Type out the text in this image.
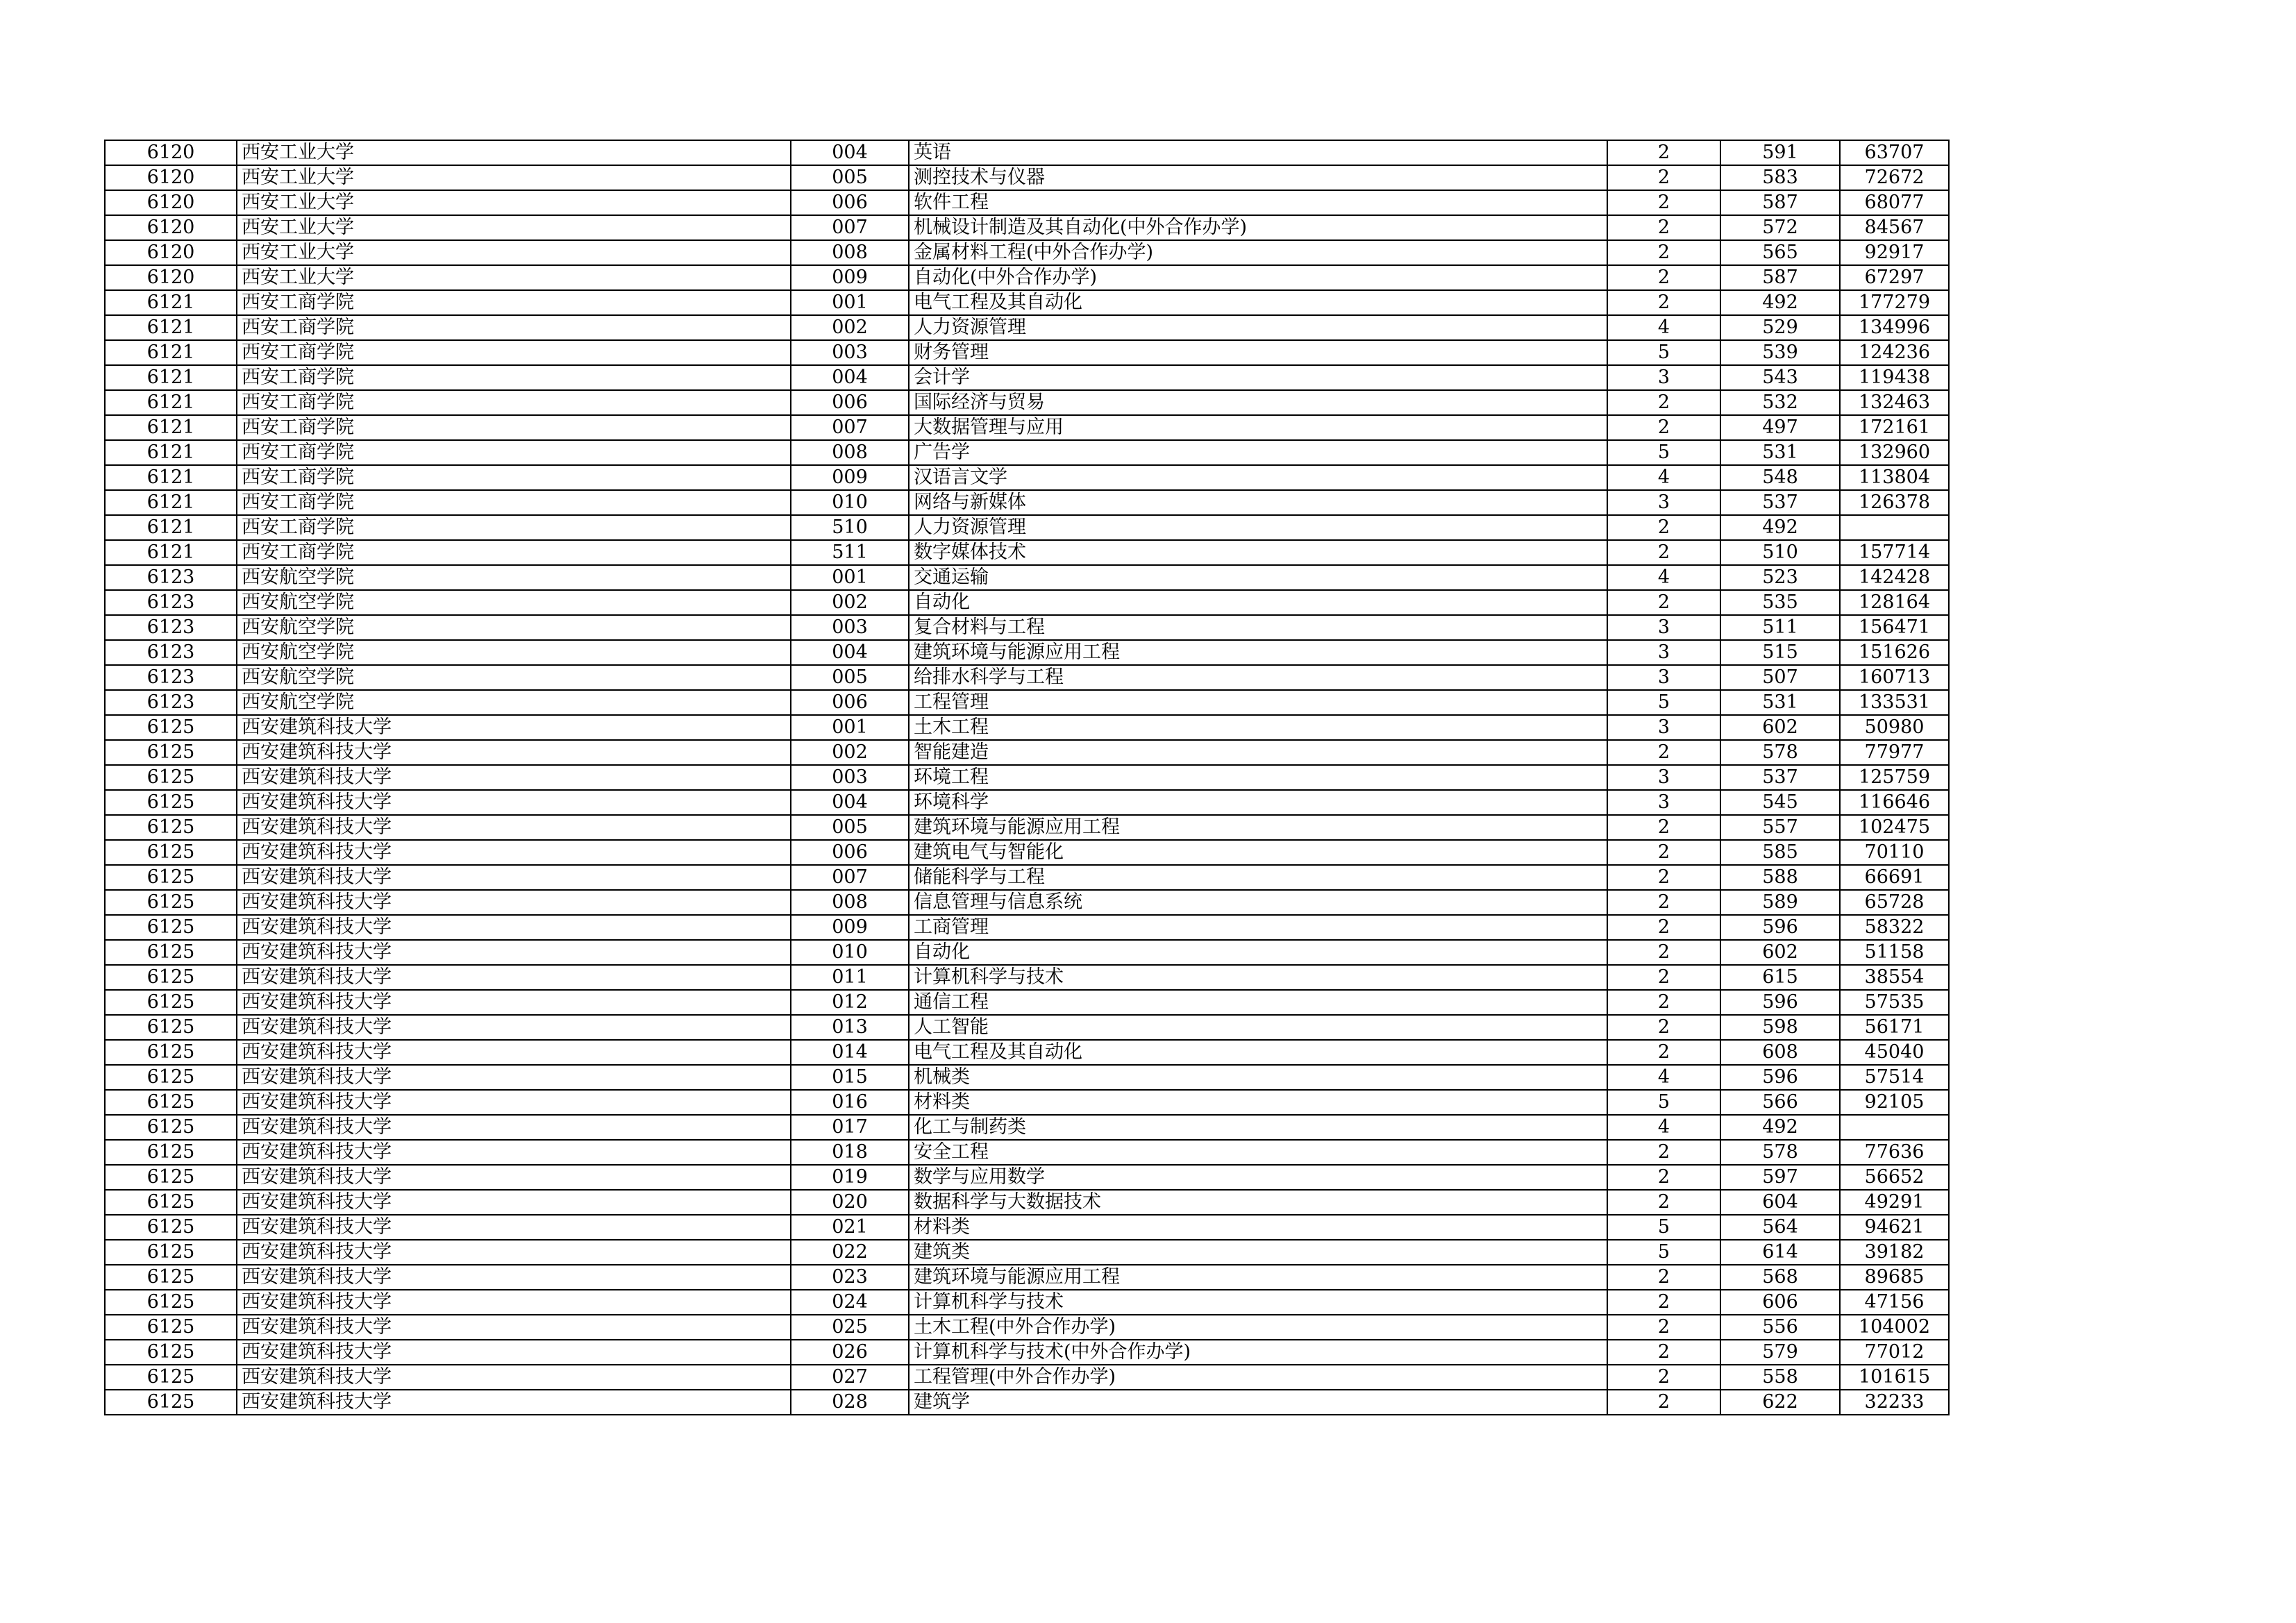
6120	西安工业大学	004	英语	2	591	63707
6120	西安工业大学	005	测控技术与仪器	2	583	72672
6120	西安工业大学	006	软件工程	2	587	68077
6120	西安工业大学	007	机械设计制造及其自动化(中外合作办学)	2	572	84567
6120	西安工业大学	008	金属材料工程(中外合作办学)	2	565	92917
6120	西安工业大学	009	自动化(中外合作办学)	2	587	67297
6121	西安工商学院	001	电气工程及其自动化	2	492	177279
6121	西安工商学院	002	人力资源管理	4	529	134996
6121	西安工商学院	003	财务管理	5	539	124236
6121	西安工商学院	004	会计学	3	543	119438
6121	西安工商学院	006	国际经济与贸易	2	532	132463
6121	西安工商学院	007	大数据管理与应用	2	497	172161
6121	西安工商学院	008	广告学	5	531	132960
6121	西安工商学院	009	汉语言文学	4	548	113804
6121	西安工商学院	010	网络与新媒体	3	537	126378
6121	西安工商学院	510	人力资源管理	2	492	
6121	西安工商学院	511	数字媒体技术	2	510	157714
6123	西安航空学院	001	交通运输	4	523	142428
6123	西安航空学院	002	自动化	2	535	128164
6123	西安航空学院	003	复合材料与工程	3	511	156471
6123	西安航空学院	004	建筑环境与能源应用工程	3	515	151626
6123	西安航空学院	005	给排水科学与工程	3	507	160713
6123	西安航空学院	006	工程管理	5	531	133531
6125	西安建筑科技大学	001	土木工程	3	602	50980
6125	西安建筑科技大学	002	智能建造	2	578	77977
6125	西安建筑科技大学	003	环境工程	3	537	125759
6125	西安建筑科技大学	004	环境科学	3	545	116646
6125	西安建筑科技大学	005	建筑环境与能源应用工程	2	557	102475
6125	西安建筑科技大学	006	建筑电气与智能化	2	585	70110
6125	西安建筑科技大学	007	储能科学与工程	2	588	66691
6125	西安建筑科技大学	008	信息管理与信息系统	2	589	65728
6125	西安建筑科技大学	009	工商管理	2	596	58322
6125	西安建筑科技大学	010	自动化	2	602	51158
6125	西安建筑科技大学	011	计算机科学与技术	2	615	38554
6125	西安建筑科技大学	012	通信工程	2	596	57535
6125	西安建筑科技大学	013	人工智能	2	598	56171
6125	西安建筑科技大学	014	电气工程及其自动化	2	608	45040
6125	西安建筑科技大学	015	机械类	4	596	57514
6125	西安建筑科技大学	016	材料类	5	566	92105
6125	西安建筑科技大学	017	化工与制药类	4	492	
6125	西安建筑科技大学	018	安全工程	2	578	77636
6125	西安建筑科技大学	019	数学与应用数学	2	597	56652
6125	西安建筑科技大学	020	数据科学与大数据技术	2	604	49291
6125	西安建筑科技大学	021	材料类	5	564	94621
6125	西安建筑科技大学	022	建筑类	5	614	39182
6125	西安建筑科技大学	023	建筑环境与能源应用工程	2	568	89685
6125	西安建筑科技大学	024	计算机科学与技术	2	606	47156
6125	西安建筑科技大学	025	土木工程(中外合作办学)	2	556	104002
6125	西安建筑科技大学	026	计算机科学与技术(中外合作办学)	2	579	77012
6125	西安建筑科技大学	027	工程管理(中外合作办学)	2	558	101615
6125	西安建筑科技大学	028	建筑学	2	622	32233
